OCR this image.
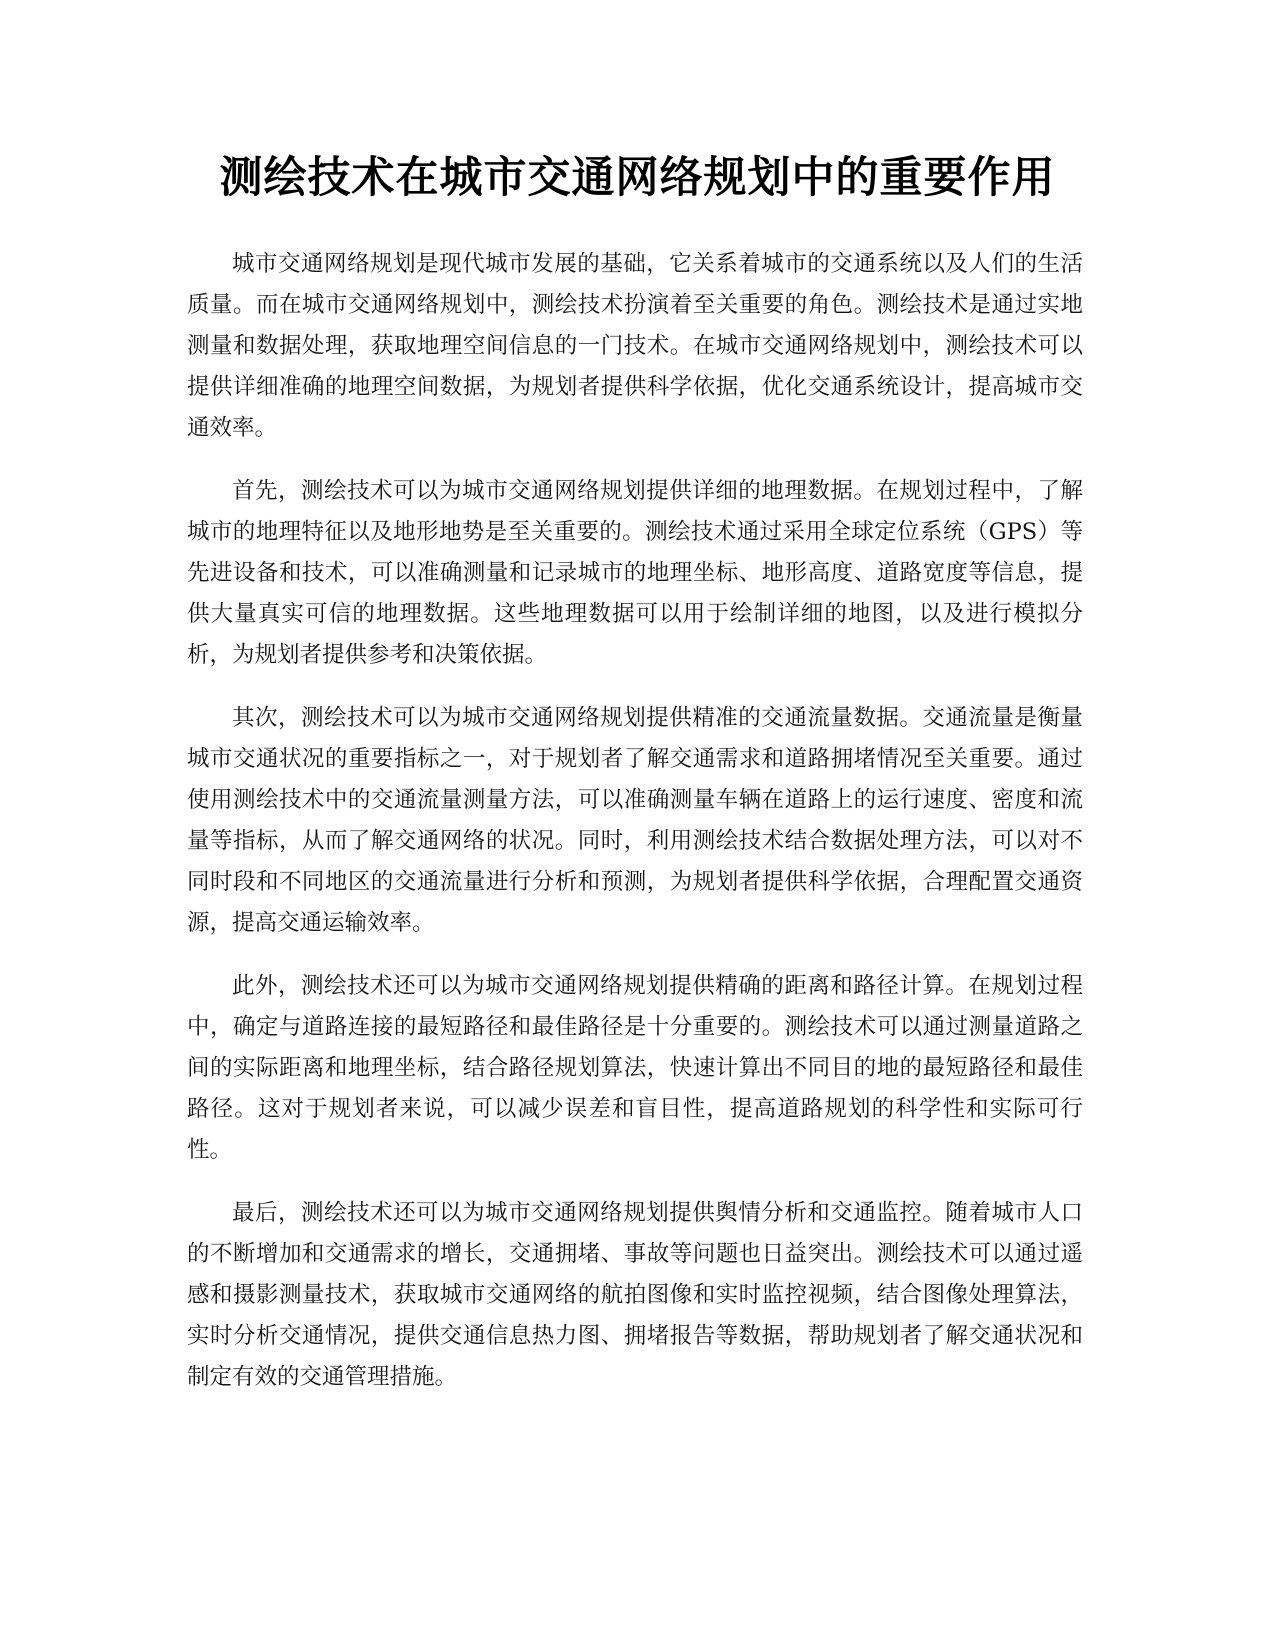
测绘技术在城市交通网络规划中的重要作用

城市交通网络规划是现代城市发展的基础，它关系着城市的交通系统以及人们的生活质量。而在城市交通网络规划中，测绘技术扮演着至关重要的角色。测绘技术是通过实地测量和数据处理，获取地理空间信息的一门技术。在城市交通网络规划中，测绘技术可以提供详细准确的地理空间数据，为规划者提供科学依据，优化交通系统设计，提高城市交通效率。

首先，测绘技术可以为城市交通网络规划提供详细的地理数据。在规划过程中，了解城市的地理特征以及地形地势是至关重要的。测绘技术通过采用全球定位系统（GPS）等先进设备和技术，可以准确测量和记录城市的地理坐标、地形高度、道路宽度等信息，提供大量真实可信的地理数据。这些地理数据可以用于绘制详细的地图，以及进行模拟分析，为规划者提供参考和决策依据。

其次，测绘技术可以为城市交通网络规划提供精准的交通流量数据。交通流量是衡量城市交通状况的重要指标之一，对于规划者了解交通需求和道路拥堵情况至关重要。通过使用测绘技术中的交通流量测量方法，可以准确测量车辆在道路上的运行速度、密度和流量等指标，从而了解交通网络的状况。同时，利用测绘技术结合数据处理方法，可以对不同时段和不同地区的交通流量进行分析和预测，为规划者提供科学依据，合理配置交通资源，提高交通运输效率。

此外，测绘技术还可以为城市交通网络规划提供精确的距离和路径计算。在规划过程中，确定与道路连接的最短路径和最佳路径是十分重要的。测绘技术可以通过测量道路之间的实际距离和地理坐标，结合路径规划算法，快速计算出不同目的地的最短路径和最佳路径。这对于规划者来说，可以减少误差和盲目性，提高道路规划的科学性和实际可行性。

最后，测绘技术还可以为城市交通网络规划提供舆情分析和交通监控。随着城市人口的不断增加和交通需求的增长，交通拥堵、事故等问题也日益突出。测绘技术可以通过遥感和摄影测量技术，获取城市交通网络的航拍图像和实时监控视频，结合图像处理算法，实时分析交通情况，提供交通信息热力图、拥堵报告等数据，帮助规划者了解交通状况和制定有效的交通管理措施。
